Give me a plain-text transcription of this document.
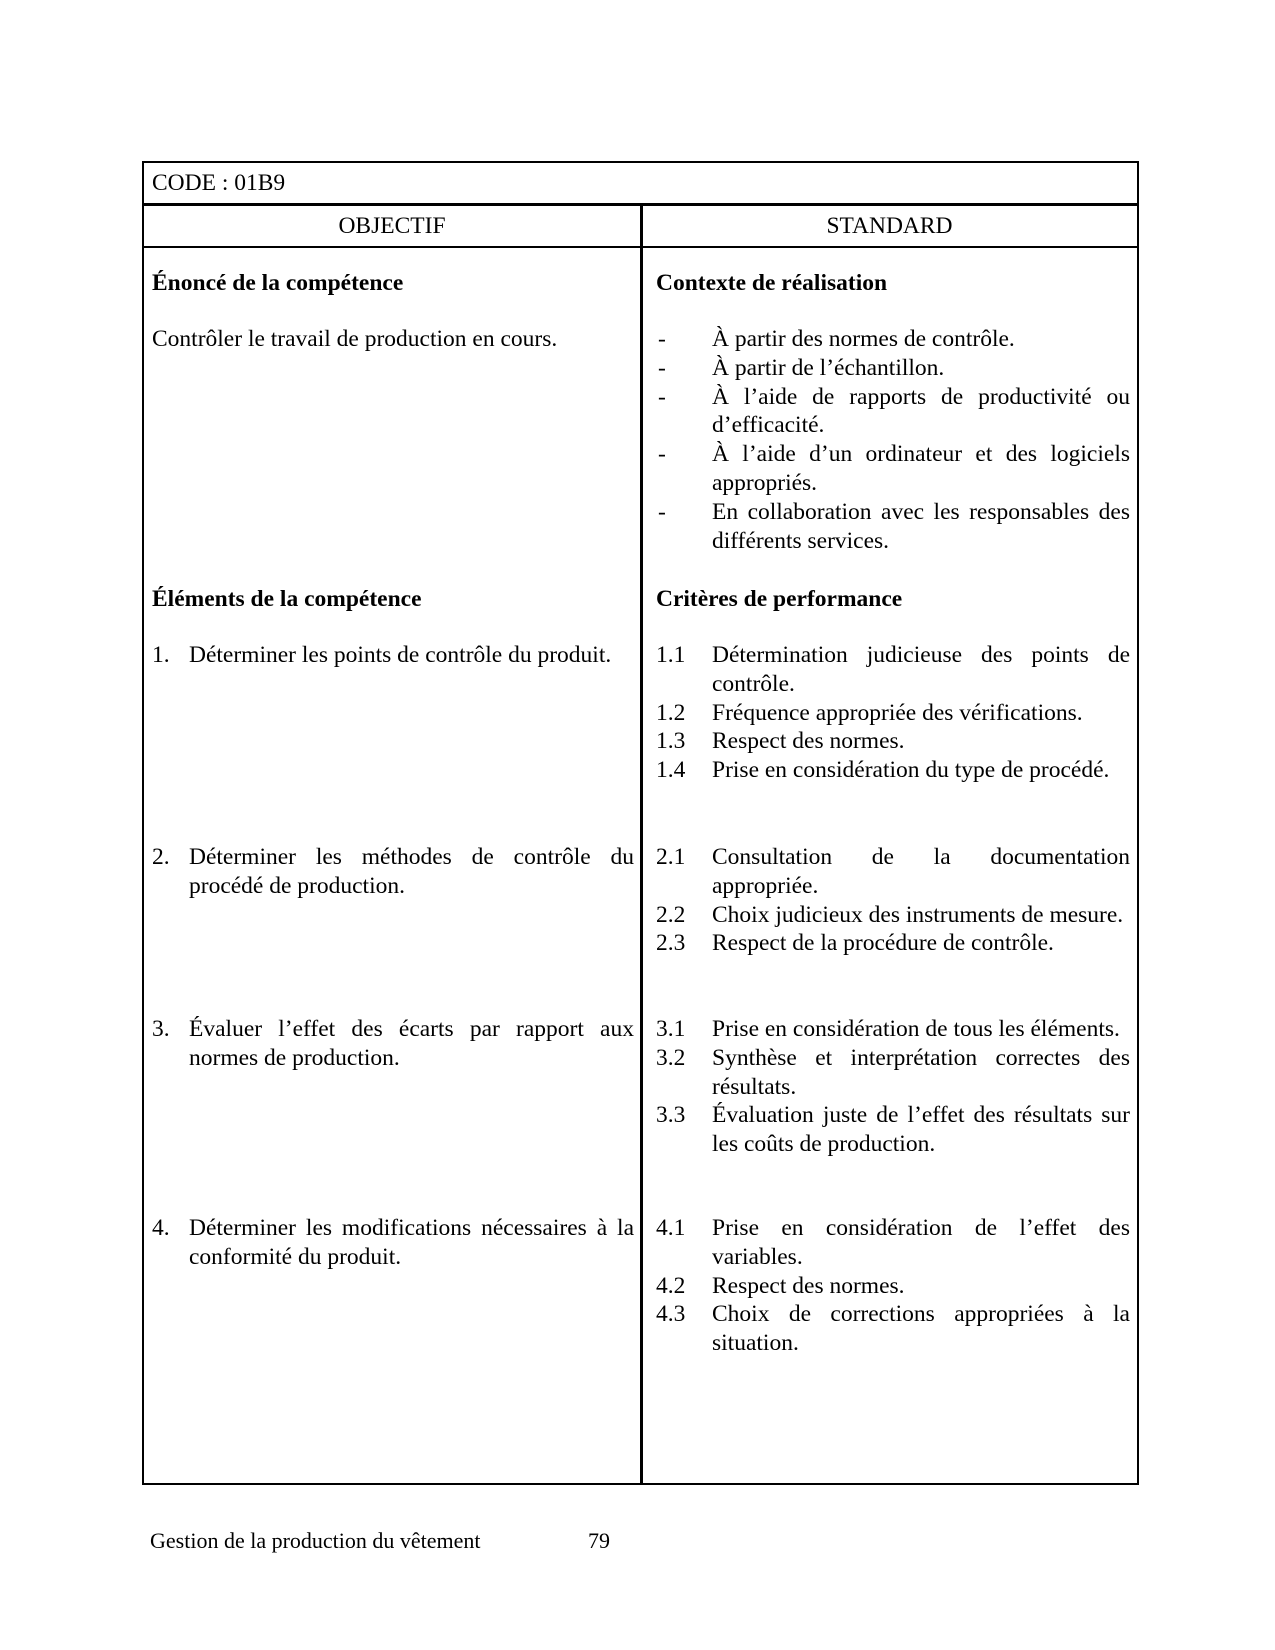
CODE : 01B9
OBJECTIF	STANDARD
Énoncé de la compétence
Contrôler le travail de production en cours.
Éléments de la compétence
1. Déterminer les points de contrôle du produit.
2. Déterminer les méthodes de contrôle du procédé de production.
3. Évaluer l’effet des écarts par rapport aux normes de production.
4. Déterminer les modifications nécessaires à la conformité du produit.
Contexte de réalisation
- À partir des normes de contrôle.
- À partir de l’échantillon.
- À l’aide de rapports de productivité ou d’efficacité.
- À l’aide d’un ordinateur et des logiciels appropriés.
- En collaboration avec les responsables des différents services.
Critères de performance
1.1 Détermination judicieuse des points de contrôle.
1.2 Fréquence appropriée des vérifications.
1.3 Respect des normes.
1.4 Prise en considération du type de procédé.
2.1 Consultation de la documentation appropriée.
2.2 Choix judicieux des instruments de mesure.
2.3 Respect de la procédure de contrôle.
3.1 Prise en considération de tous les éléments.
3.2 Synthèse et interprétation correctes des résultats.
3.3 Évaluation juste de l’effet des résultats sur les coûts de production.
4.1 Prise en considération de l’effet des variables.
4.2 Respect des normes.
4.3 Choix de corrections appropriées à la situation.
Gestion de la production du vêtement	79
